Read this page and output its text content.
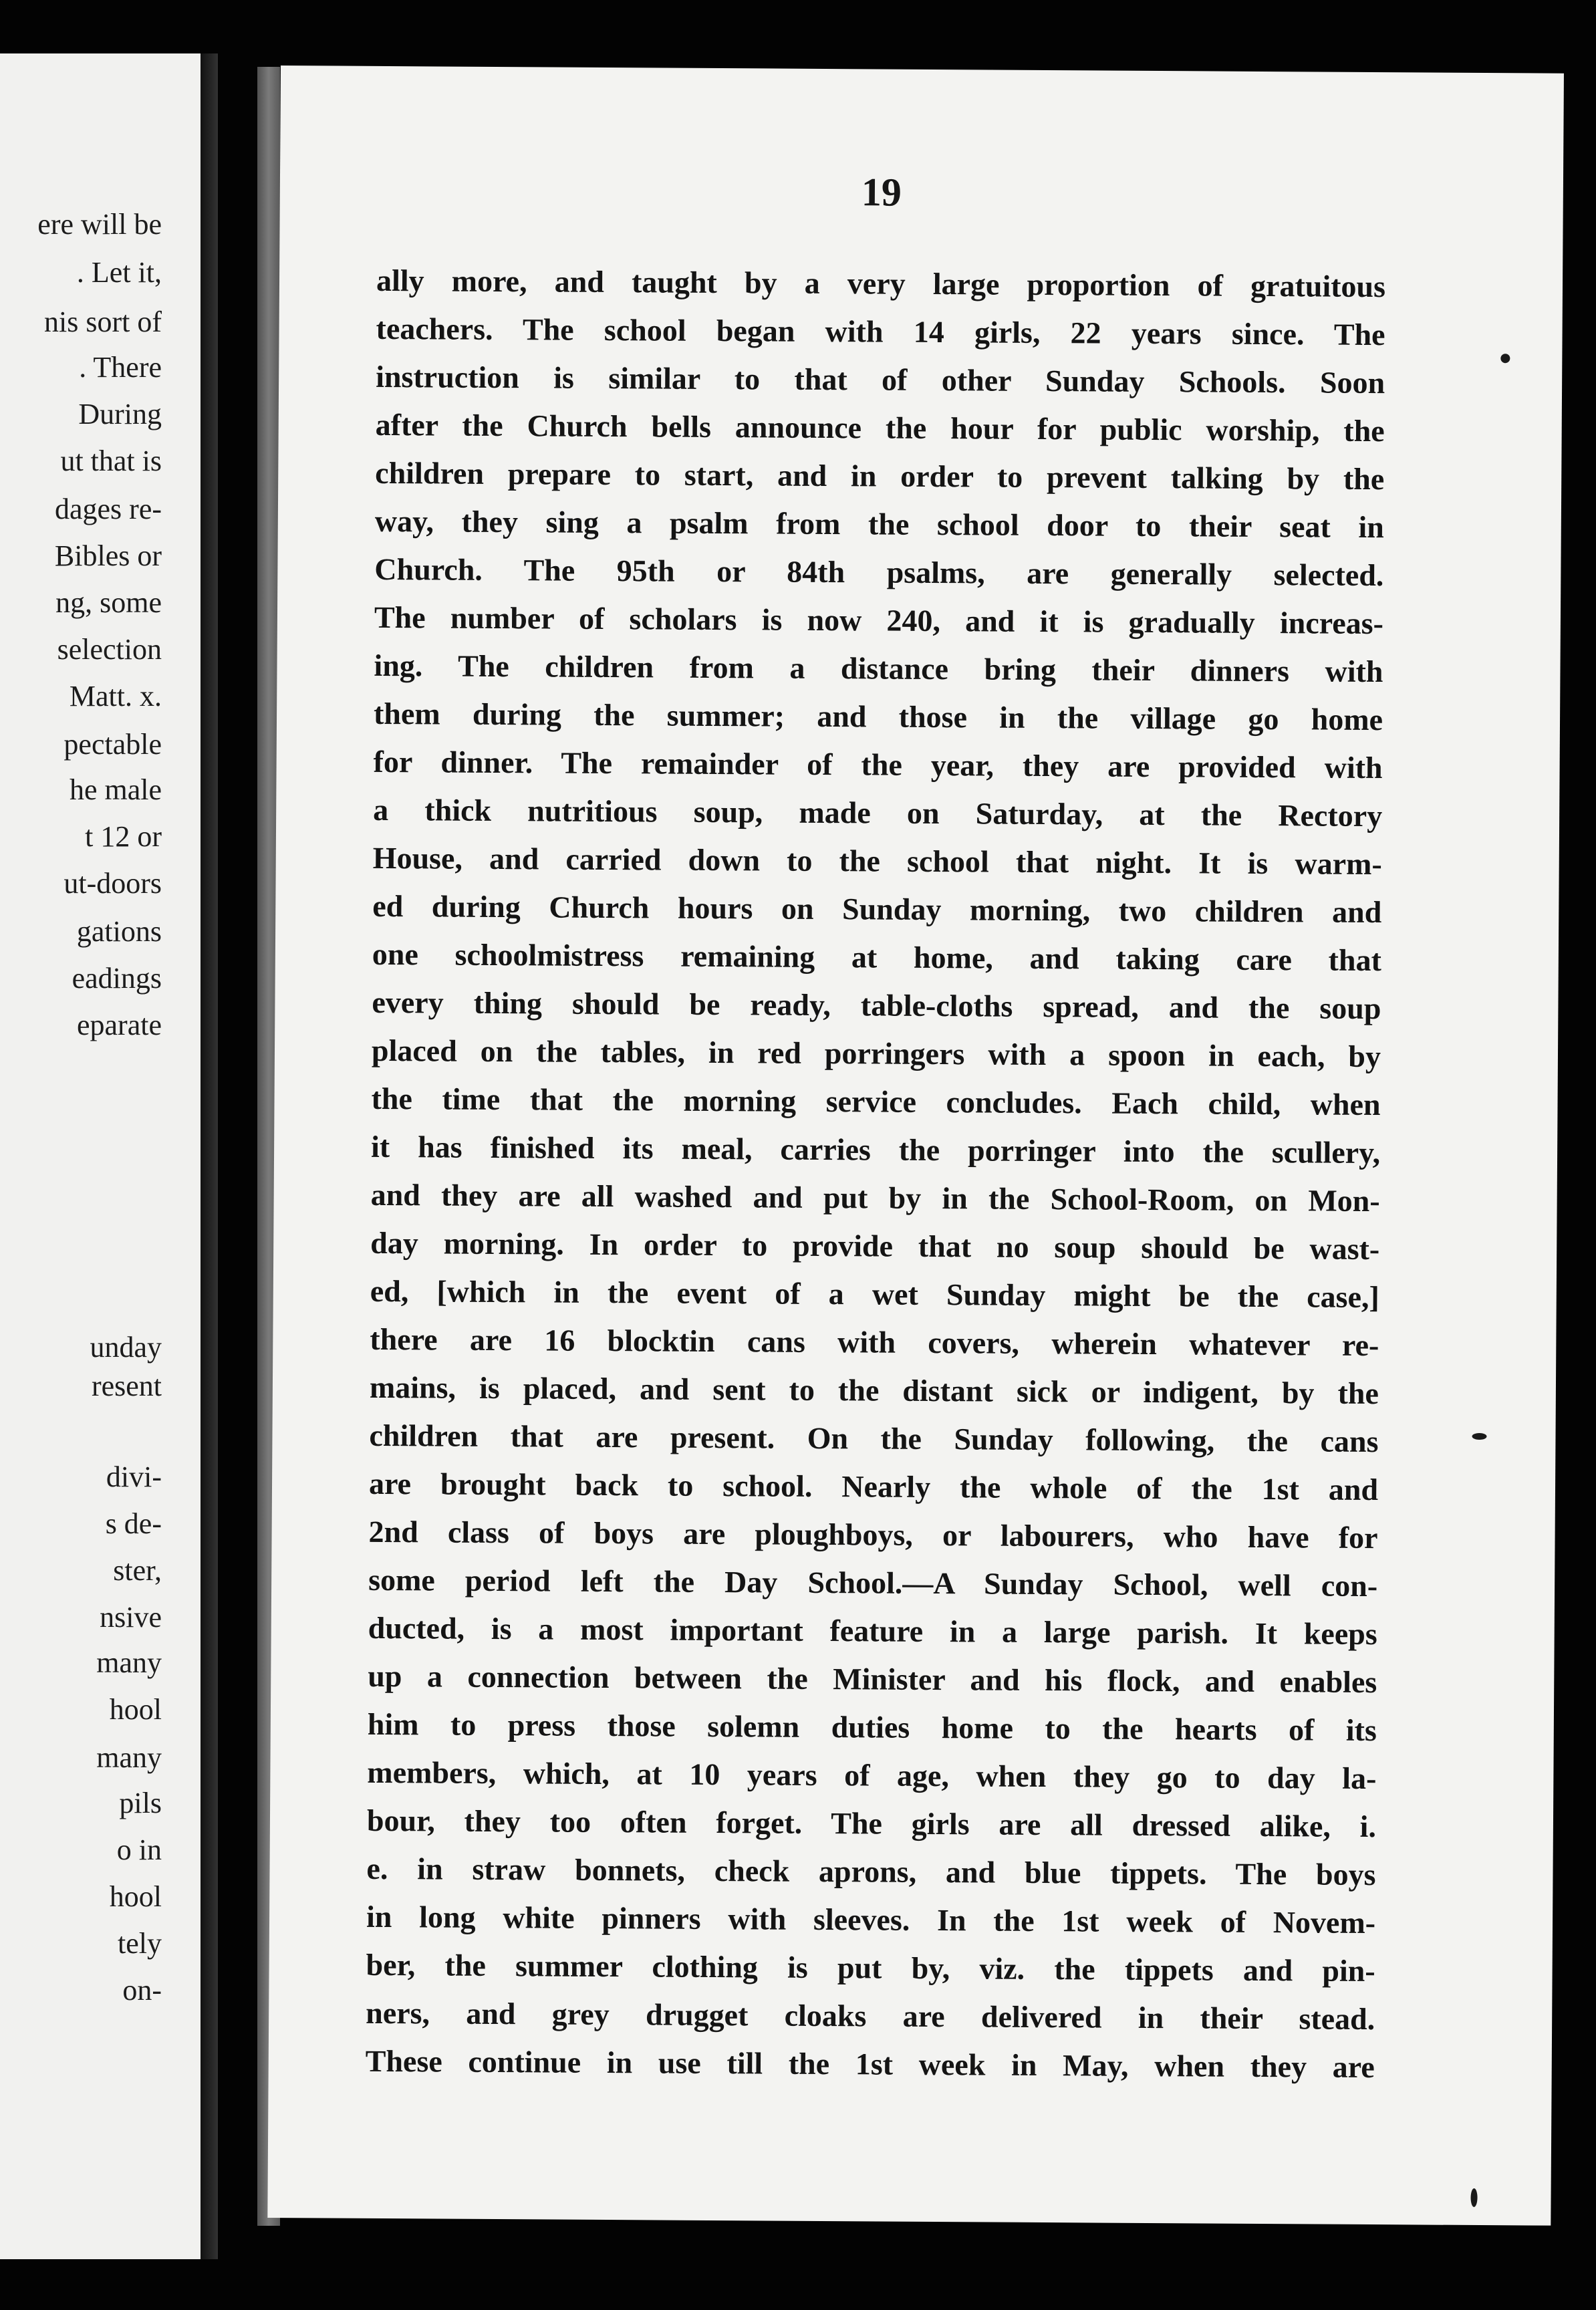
ere will be
. Let it,
nis sort of
. There
During
ut that is
dages re-
Bibles or
ng, some
selection
Matt. x.
pectable
he male
t 12 or
ut-doors
gations
eadings
eparate
unday
resent
divi-
s de-
ster,
nsive
many
hool
many
pils
o in
hool
tely
on-
19
ally more, and taught by a very large proportion of gratuitous
teachers. The school began with 14 girls, 22 years since. The
instruction is similar to that of other Sunday Schools. Soon
after the Church bells announce the hour for public worship, the
children prepare to start, and in order to prevent talking by the
way, they sing a psalm from the school door to their seat in
Church. The 95th or 84th psalms, are generally selected.
The number of scholars is now 240, and it is gradually increas-
ing. The children from a distance bring their dinners with
them during the summer; and those in the village go home
for dinner. The remainder of the year, they are provided with
a thick nutritious soup, made on Saturday, at the Rectory
House, and carried down to the school that night. It is warm-
ed during Church hours on Sunday morning, two children and
one schoolmistress remaining at home, and taking care that
every thing should be ready, table-cloths spread, and the soup
placed on the tables, in red porringers with a spoon in each, by
the time that the morning service concludes. Each child, when
it has finished its meal, carries the porringer into the scullery,
and they are all washed and put by in the School-Room, on Mon-
day morning. In order to provide that no soup should be wast-
ed, [which in the event of a wet Sunday might be the case,]
there are 16 blocktin cans with covers, wherein whatever re-
mains, is placed, and sent to the distant sick or indigent, by the
children that are present. On the Sunday following, the cans
are brought back to school. Nearly the whole of the 1st and
2nd class of boys are ploughboys, or labourers, who have for
some period left the Day School.—A Sunday School, well con-
ducted, is a most important feature in a large parish. It keeps
up a connection between the Minister and his flock, and enables
him to press those solemn duties home to the hearts of its
members, which, at 10 years of age, when they go to day la-
bour, they too often forget. The girls are all dressed alike, i.
e. in straw bonnets, check aprons, and blue tippets. The boys
in long white pinners with sleeves. In the 1st week of Novem-
ber, the summer clothing is put by, viz. the tippets and pin-
ners, and grey drugget cloaks are delivered in their stead.
These continue in use till the 1st week in May, when they are
